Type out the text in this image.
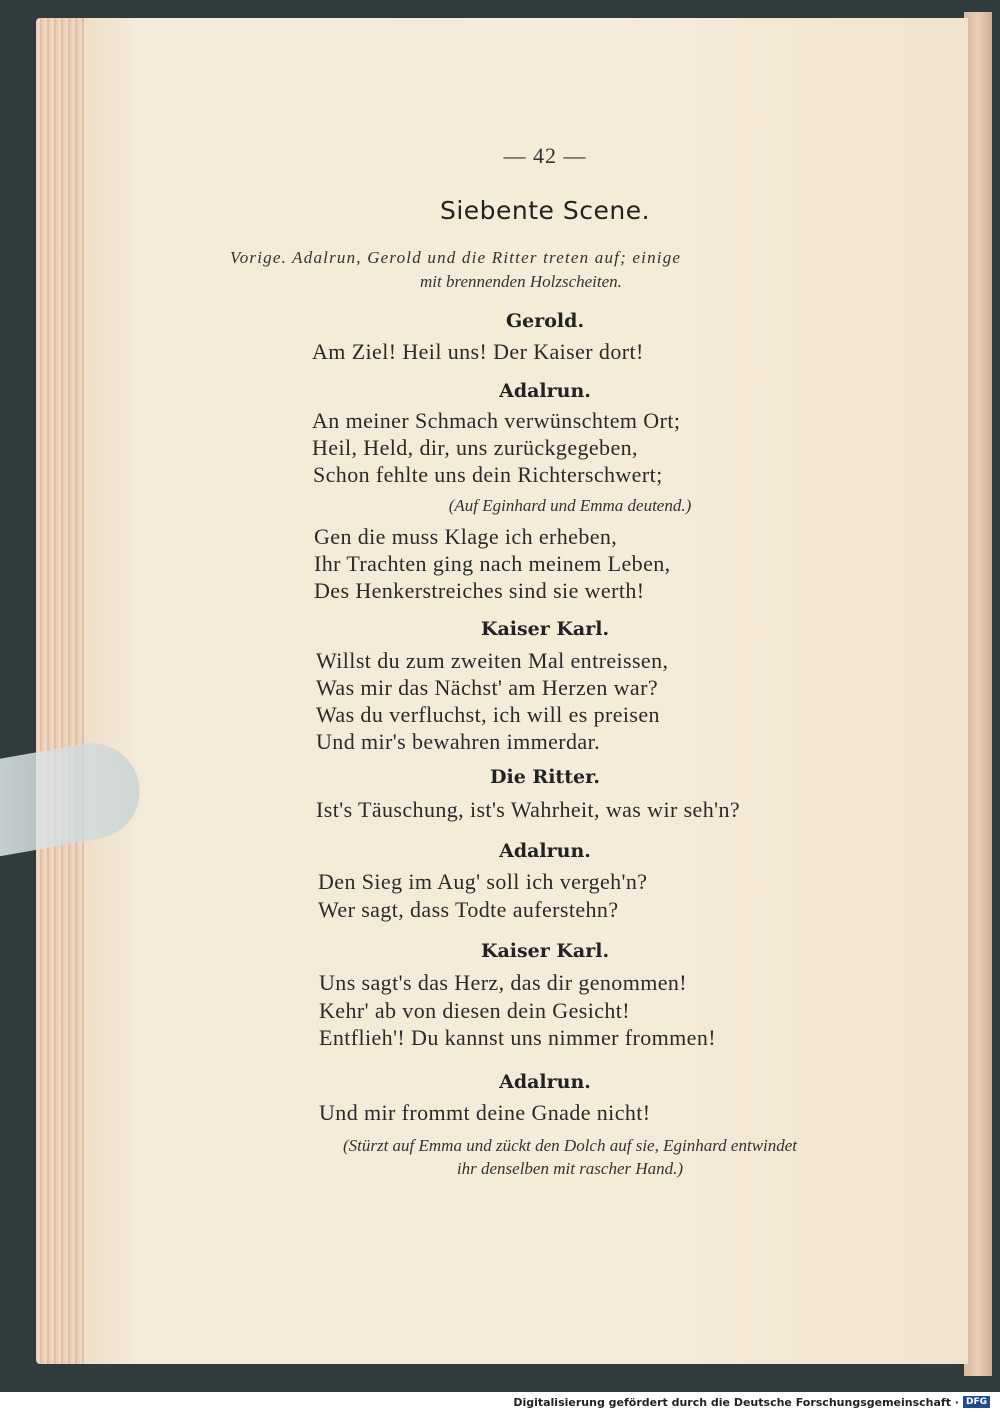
— 42 —
Siebente Scene.
Vorige. Adalrun, Gerold und die Ritter treten auf; einige
mit brennenden Holzscheiten.
Gerold.
Am Ziel! Heil uns! Der Kaiser dort!
Adalrun.
An meiner Schmach verwünschtem Ort;
Heil, Held, dir, uns zurückgegeben,
Schon fehlte uns dein Richterschwert;
(Auf Eginhard und Emma deutend.)
Gen die muss Klage ich erheben,
Ihr Trachten ging nach meinem Leben,
Des Henkerstreiches sind sie werth!
Kaiser Karl.
Willst du zum zweiten Mal entreissen,
Was mir das Nächst' am Herzen war?
Was du verfluchst, ich will es preisen
Und mir's bewahren immerdar.
Die Ritter.
Ist's Täuschung, ist's Wahrheit, was wir seh'n?
Adalrun.
Den Sieg im Aug' soll ich vergeh'n?
Wer sagt, dass Todte auferstehn?
Kaiser Karl.
Uns sagt's das Herz, das dir genommen!
Kehr' ab von diesen dein Gesicht!
Entflieh'! Du kannst uns nimmer frommen!
Adalrun.
Und mir frommt deine Gnade nicht!
(Stürzt auf Emma und zückt den Dolch auf sie, Eginhard entwindet
ihr denselben mit rascher Hand.)
Digitalisierung gefördert durch die Deutsche Forschungsgemeinschaft · DFG
